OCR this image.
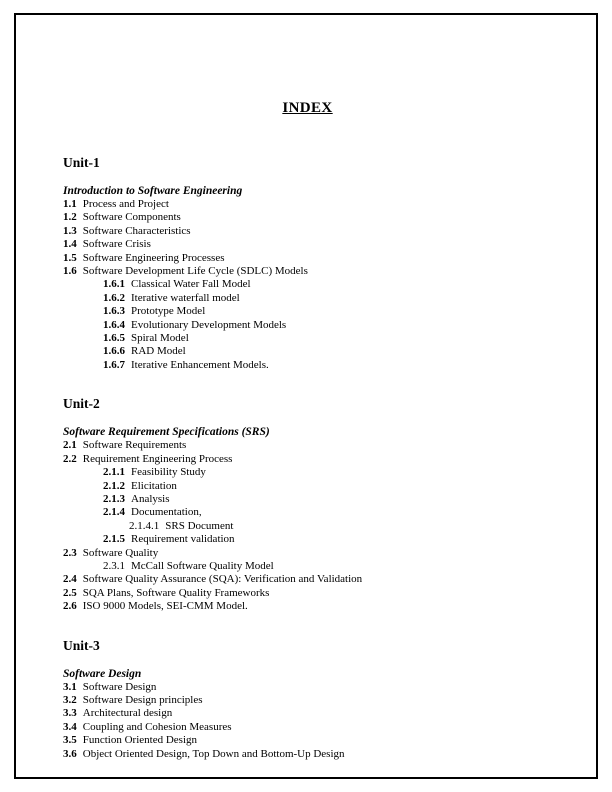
INDEX
Unit-1
Introduction to Software Engineering
1.1 Process and Project
1.2 Software Components
1.3 Software Characteristics
1.4 Software Crisis
1.5 Software Engineering Processes
1.6 Software Development Life Cycle (SDLC) Models
1.6.1 Classical Water Fall Model
1.6.2 Iterative waterfall model
1.6.3 Prototype Model
1.6.4 Evolutionary Development Models
1.6.5 Spiral Model
1.6.6 RAD Model
1.6.7 Iterative Enhancement Models.
Unit-2
Software Requirement Specifications (SRS)
2.1 Software Requirements
2.2 Requirement Engineering Process
2.1.1 Feasibility Study
2.1.2 Elicitation
2.1.3 Analysis
2.1.4 Documentation,
2.1.4.1 SRS Document
2.1.5 Requirement validation
2.3 Software Quality
2.3.1 McCall Software Quality Model
2.4 Software Quality Assurance (SQA): Verification and Validation
2.5 SQA Plans, Software Quality Frameworks
2.6 ISO 9000 Models, SEI-CMM Model.
Unit-3
Software Design
3.1 Software Design
3.2 Software Design principles
3.3 Architectural design
3.4 Coupling and Cohesion Measures
3.5 Function Oriented Design
3.6 Object Oriented Design, Top Down and Bottom-Up Design
